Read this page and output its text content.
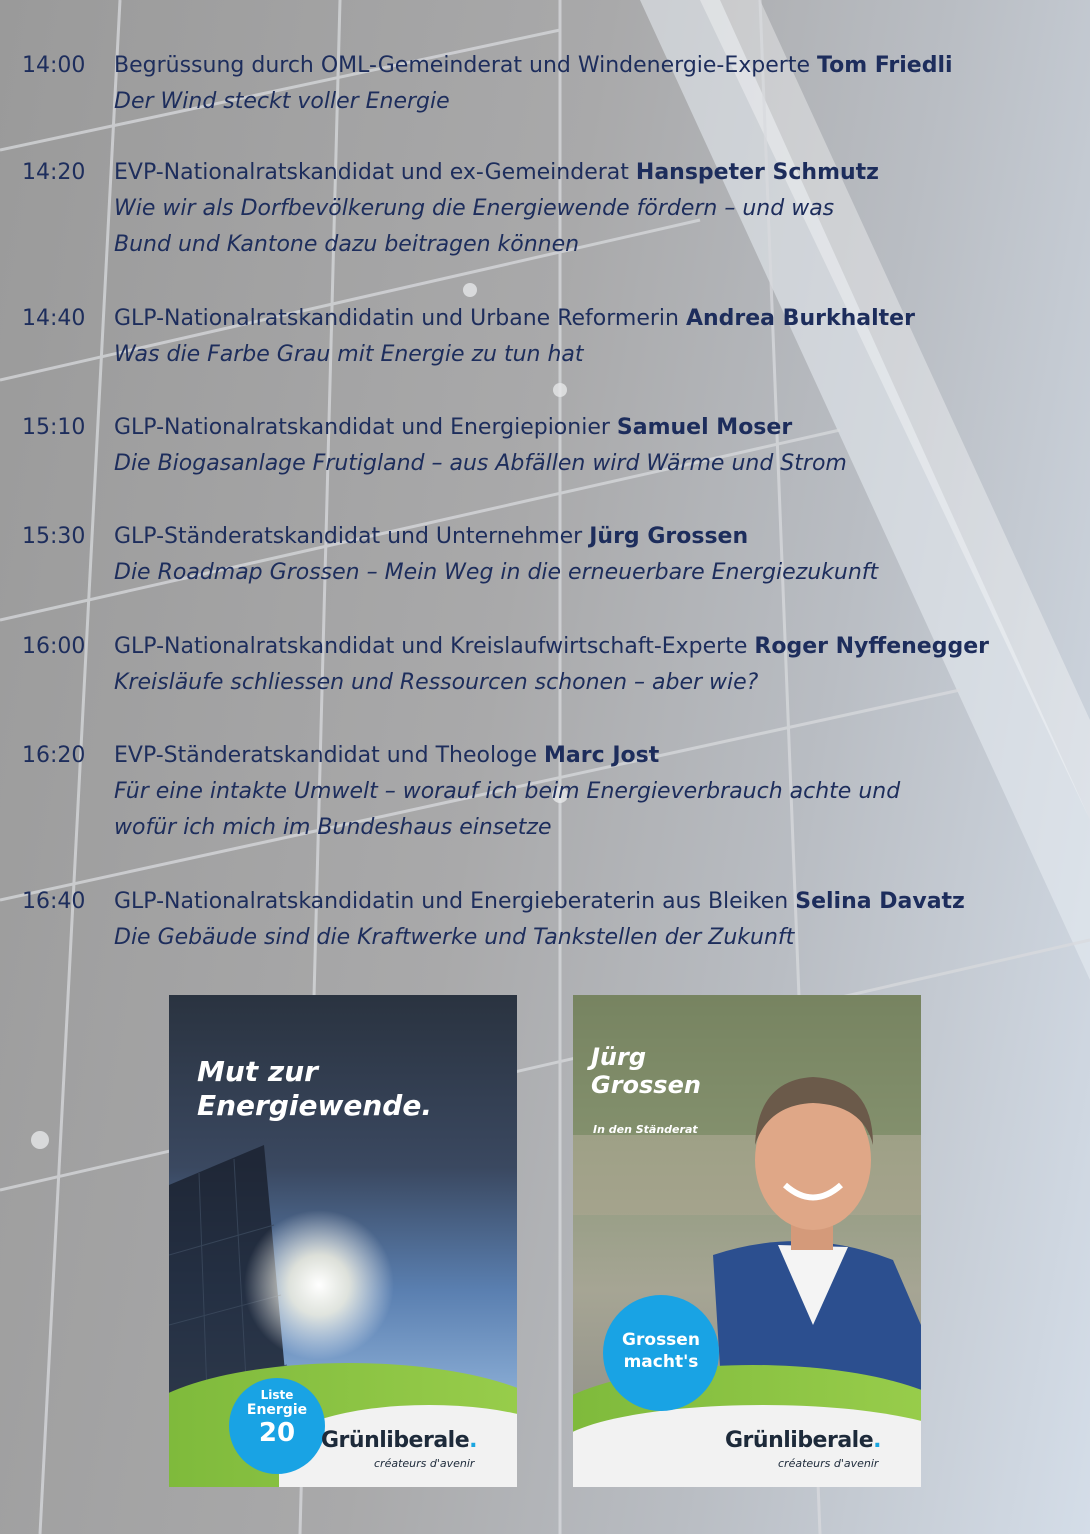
14:00	Begrüssung durch OML-Gemeinderat und Windenergie-Experte Tom Friedli
Der Wind steckt voller Energie
14:20	EVP-Nationalratskandidat und ex-Gemeinderat Hanspeter Schmutz
Wie wir als Dorfbevölkerung die Energiewende fördern – und was
Bund und Kantone dazu beitragen können
14:40	GLP-Nationalratskandidatin und Urbane Reformerin Andrea Burkhalter
Was die Farbe Grau mit Energie zu tun hat
15:10	GLP-Nationalratskandidat und Energiepionier Samuel Moser
Die Biogasanlage Frutigland – aus Abfällen wird Wärme und Strom
15:30	GLP-Ständeratskandidat und Unternehmer Jürg Grossen
Die Roadmap Grossen – Mein Weg in die erneuerbare Energiezukunft
16:00	GLP-Nationalratskandidat und Kreislaufwirtschaft-Experte Roger Nyffenegger
Kreisläufe schliessen und Ressourcen schonen – aber wie?
16:20	EVP-Ständeratskandidat und Theologe Marc Jost
Für eine intakte Umwelt – worauf ich beim Energieverbrauch achte und
wofür ich mich im Bundeshaus einsetze
16:40	GLP-Nationalratskandidatin und Energieberaterin aus Bleiken Selina Davatz
Die Gebäude sind die Kraftwerke und Tankstellen der Zukunft
Mut zur
Energiewende.
Liste
Energie
20	Grünliberale.
créateurs d'avenir
Jürg
Grossen
In den Ständerat
Grossen
macht's
Grünliberale.
créateurs d'avenir
